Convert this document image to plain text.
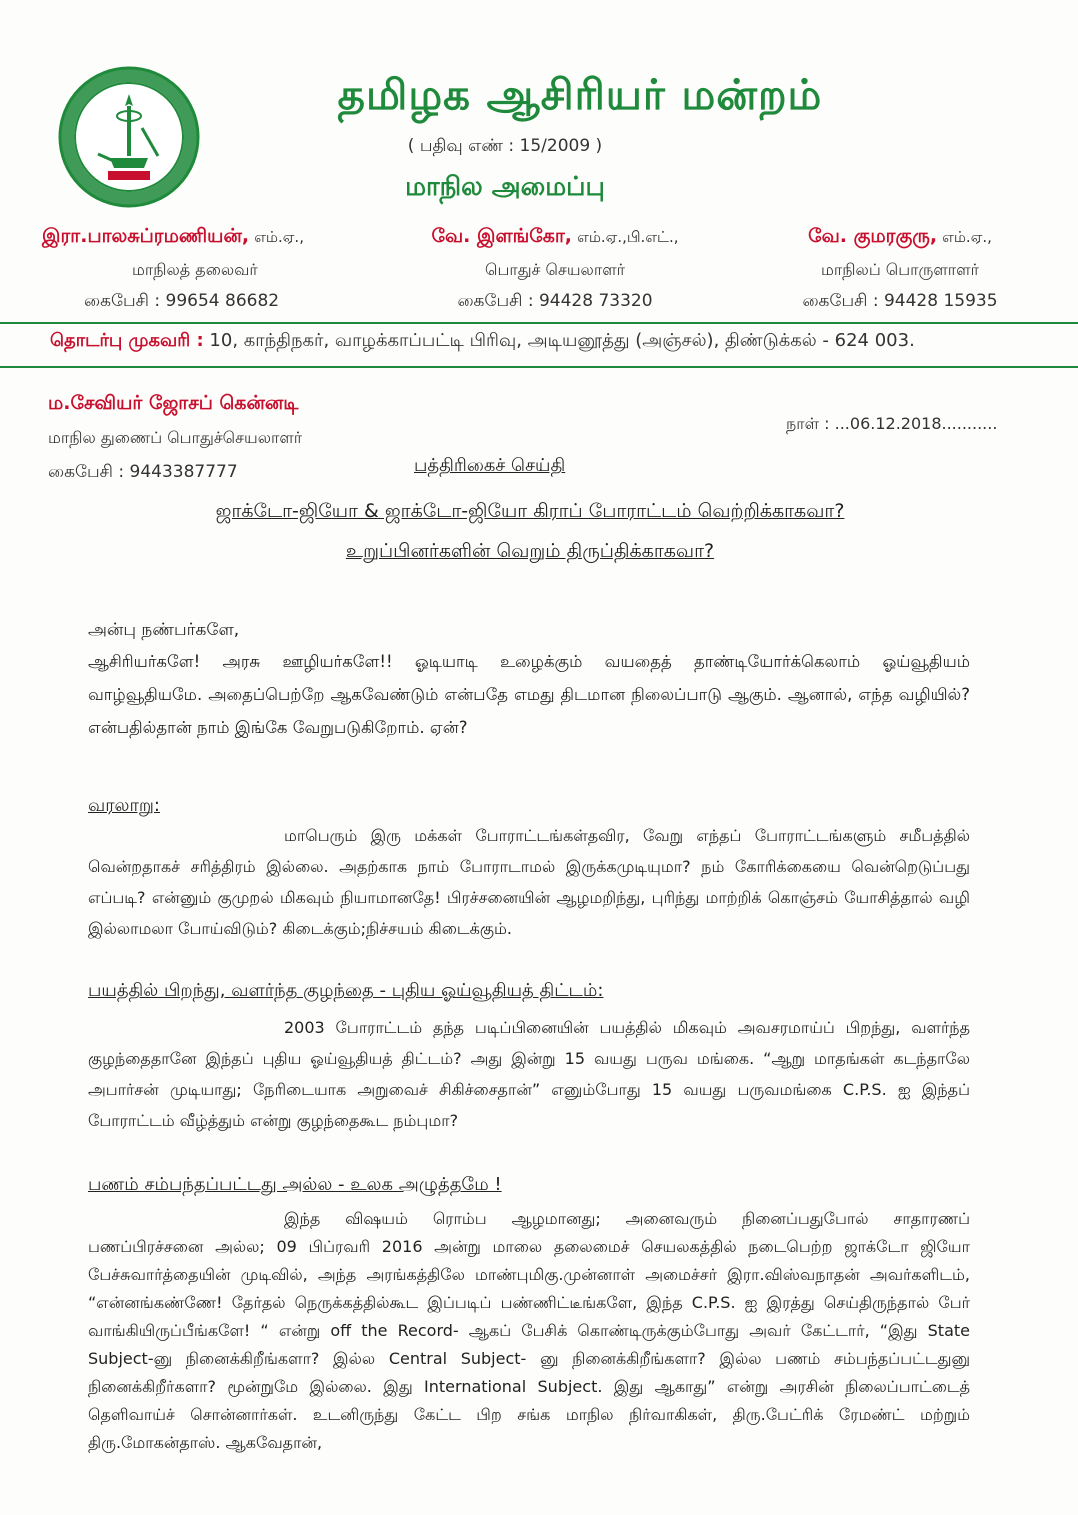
தமிழக ஆசிரியர் மன்றம்
( பதிவு எண் : 15/2009 )
மாநில அமைப்பு
இரா.பாலசுப்ரமணியன், எம்.ஏ.,
மாநிலத் தலைவர்
கைபேசி : 99654 86682
வே. இளங்கோ, எம்.ஏ.,பி.எட்.,
பொதுச் செயலாளர்
கைபேசி : 94428 73320
வே. குமரகுரு, எம்.ஏ.,
மாநிலப் பொருளாளர்
கைபேசி : 94428 15935
தொடர்பு முகவரி : 10, காந்திநகர், வாழக்காப்பட்டி பிரிவு, அடியனூத்து (அஞ்சல்), திண்டுக்கல் - 624 003.
ம.சேவியர் ஜோசப் கென்னடி
மாநில துணைப் பொதுச்செயலாளர்
கைபேசி : 9443387777
நாள் : ...06.12.2018...........
பத்திரிகைச் செய்தி
ஜாக்டோ-ஜியோ & ஜாக்டோ-ஜியோ கிராப் போராட்டம் வெற்றிக்காகவா?
உறுப்பினர்களின் வெறும் திருப்திக்காகவா?
அன்பு நண்பர்களே,
ஆசிரியர்களே! அரசு ஊழியர்களே!! ஓடியாடி உழைக்கும் வயதைத் தாண்டியோர்க்கெலாம் ஓய்வூதியம் வாழ்வூதியமே. அதைப்பெற்றே ஆகவேண்டும் என்பதே எமது திடமான நிலைப்பாடு ஆகும். ஆனால், எந்த வழியில்? என்பதில்தான் நாம் இங்கே வேறுபடுகிறோம். ஏன்?
வரலாறு:
மாபெரும் இரு மக்கள் போராட்டங்கள்தவிர, வேறு எந்தப் போராட்டங்களும் சமீபத்தில் வென்றதாகச் சரித்திரம் இல்லை. அதற்காக நாம் போராடாமல் இருக்கமுடியுமா? நம் கோரிக்கையை வென்றெடுப்பது எப்படி? என்னும் குமுறல் மிகவும் நியாமானதே! பிரச்சனையின் ஆழமறிந்து, புரிந்து மாற்றிக் கொஞ்சம் யோசித்தால் வழி இல்லாமலா போய்விடும்? கிடைக்கும்;நிச்சயம் கிடைக்கும்.
பயத்தில் பிறந்து, வளர்ந்த குழந்தை - புதிய ஓய்வூதியத் திட்டம்:
2003 போராட்டம் தந்த படிப்பினையின் பயத்தில் மிகவும் அவசரமாய்ப் பிறந்து, வளர்ந்த குழந்தைதானே இந்தப் புதிய ஓய்வூதியத் திட்டம்? அது இன்று 15 வயது பருவ மங்கை. “ஆறு மாதங்கள் கடந்தாலே அபார்சன் முடியாது; நேரிடையாக அறுவைச் சிகிச்சைதான்” எனும்போது 15 வயது பருவமங்கை C.P.S. ஐ இந்தப் போராட்டம் வீழ்த்தும் என்று குழந்தைகூட நம்புமா?
பணம் சம்பந்தப்பட்டது அல்ல - உலக அழுத்தமே !
இந்த விஷயம் ரொம்ப ஆழமானது; அனைவரும் நினைப்பதுபோல் சாதாரணப் பணப்பிரச்சனை அல்ல; 09 பிப்ரவரி 2016 அன்று மாலை தலைமைச் செயலகத்தில் நடைபெற்ற ஜாக்டோ ஜியோ பேச்சுவார்த்தையின் முடிவில், அந்த அரங்கத்திலே மாண்புமிகு.முன்னாள் அமைச்சர் இரா.விஸ்வநாதன் அவர்களிடம், “என்னங்கண்ணே! தேர்தல் நெருக்கத்தில்கூட இப்படிப் பண்ணிட்டீங்களே, இந்த C.P.S. ஐ இரத்து செய்திருந்தால் பேர் வாங்கியிருப்பீங்களே! “ என்று off the Record- ஆகப் பேசிக் கொண்டிருக்கும்போது அவர் கேட்டார், “இது State Subject-னு நினைக்கிறீங்களா? இல்ல Central Subject- னு நினைக்கிறீங்களா? இல்ல பணம் சம்பந்தப்பட்டதுனு நினைக்கிறீர்களா? மூன்றுமே இல்லை. இது International Subject. இது ஆகாது” என்று அரசின் நிலைப்பாட்டைத் தெளிவாய்ச் சொன்னார்கள். உடனிருந்து கேட்ட பிற சங்க மாநில நிர்வாகிகள், திரு.பேட்ரிக் ரேமண்ட் மற்றும் திரு.மோகன்தாஸ். ஆகவேதான்,
